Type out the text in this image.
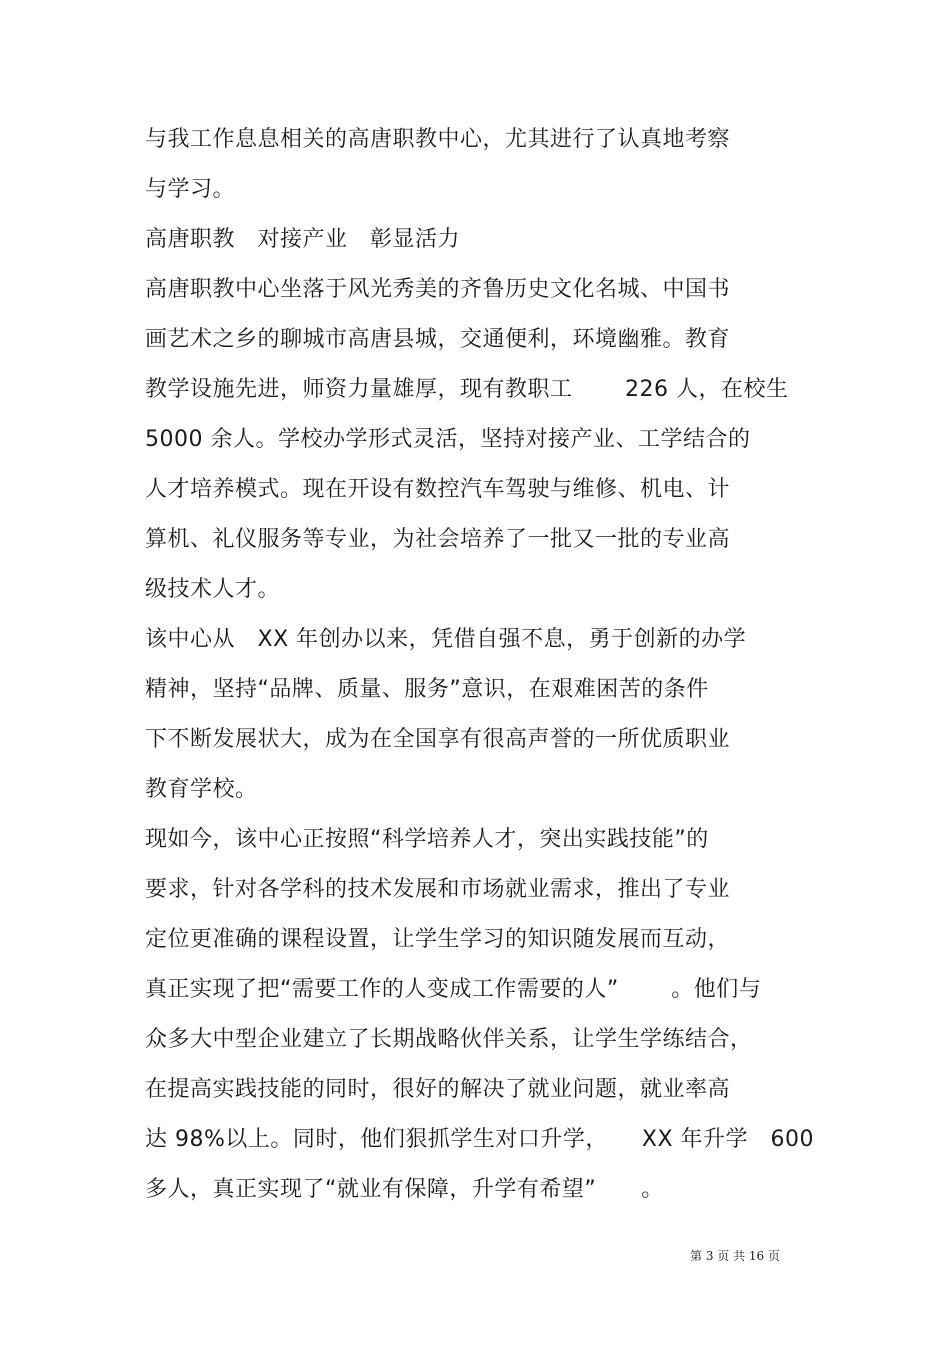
与我工作息息相关的高唐职教中心，尤其进行了认真地考察
与学习。
高唐职教　对接产业　彰显活力
高唐职教中心坐落于风光秀美的齐鲁历史文化名城、中国书
画艺术之乡的聊城市高唐县城，交通便利，环境幽雅。教育
教学设施先进，师资力量雄厚，现有教职工　　 226 人，在校生
5000 余人。学校办学形式灵活，坚持对接产业、工学结合的
人才培养模式。现在开设有数控汽车驾驶与维修、机电、计
算机、礼仪服务等专业，为社会培养了一批又一批的专业高
级技术人才。
该中心从　XX 年创办以来，凭借自强不息，勇于创新的办学
精神，坚持“品牌、质量、服务”意识，在艰难困苦的条件
下不断发展状大，成为在全国享有很高声誉的一所优质职业
教育学校。
现如今，该中心正按照“科学培养人才，突出实践技能”的
要求，针对各学科的技术发展和市场就业需求，推出了专业
定位更准确的课程设置，让学生学习的知识随发展而互动，
真正实现了把“需要工作的人变成工作需要的人”　　 。他们与
众多大中型企业建立了长期战略伙伴关系，让学生学练结合，
在提高实践技能的同时，很好的解决了就业问题，就业率高
达 98%以上。同时，他们狠抓学生对口升学，　　XX 年升学　600
多人，真正实现了“就业有保障，升学有希望”　　。
第 3 页 共 16 页
